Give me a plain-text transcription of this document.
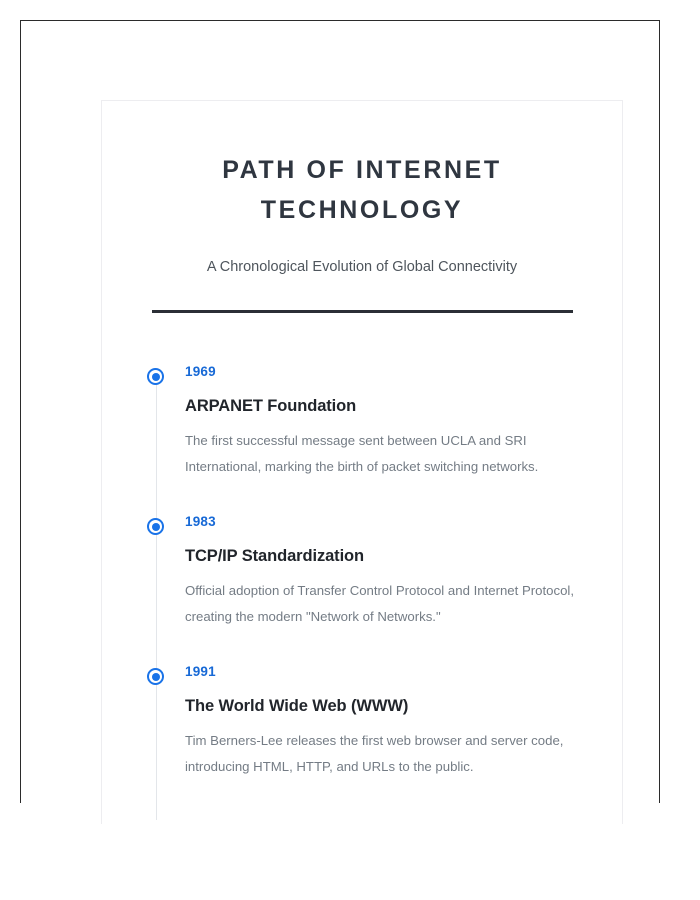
PATH OF INTERNET TECHNOLOGY

A Chronological Evolution of Global Connectivity

1969
ARPANET Foundation
The first successful message sent between UCLA and SRI International, marking the birth of packet switching networks.
1983
TCP/IP Standardization
Official adoption of Transfer Control Protocol and Internet Protocol, creating the modern "Network of Networks."
1991
The World Wide Web (WWW)
Tim Berners-Lee releases the first web browser and server code, introducing HTML, HTTP, and URLs to the public.
